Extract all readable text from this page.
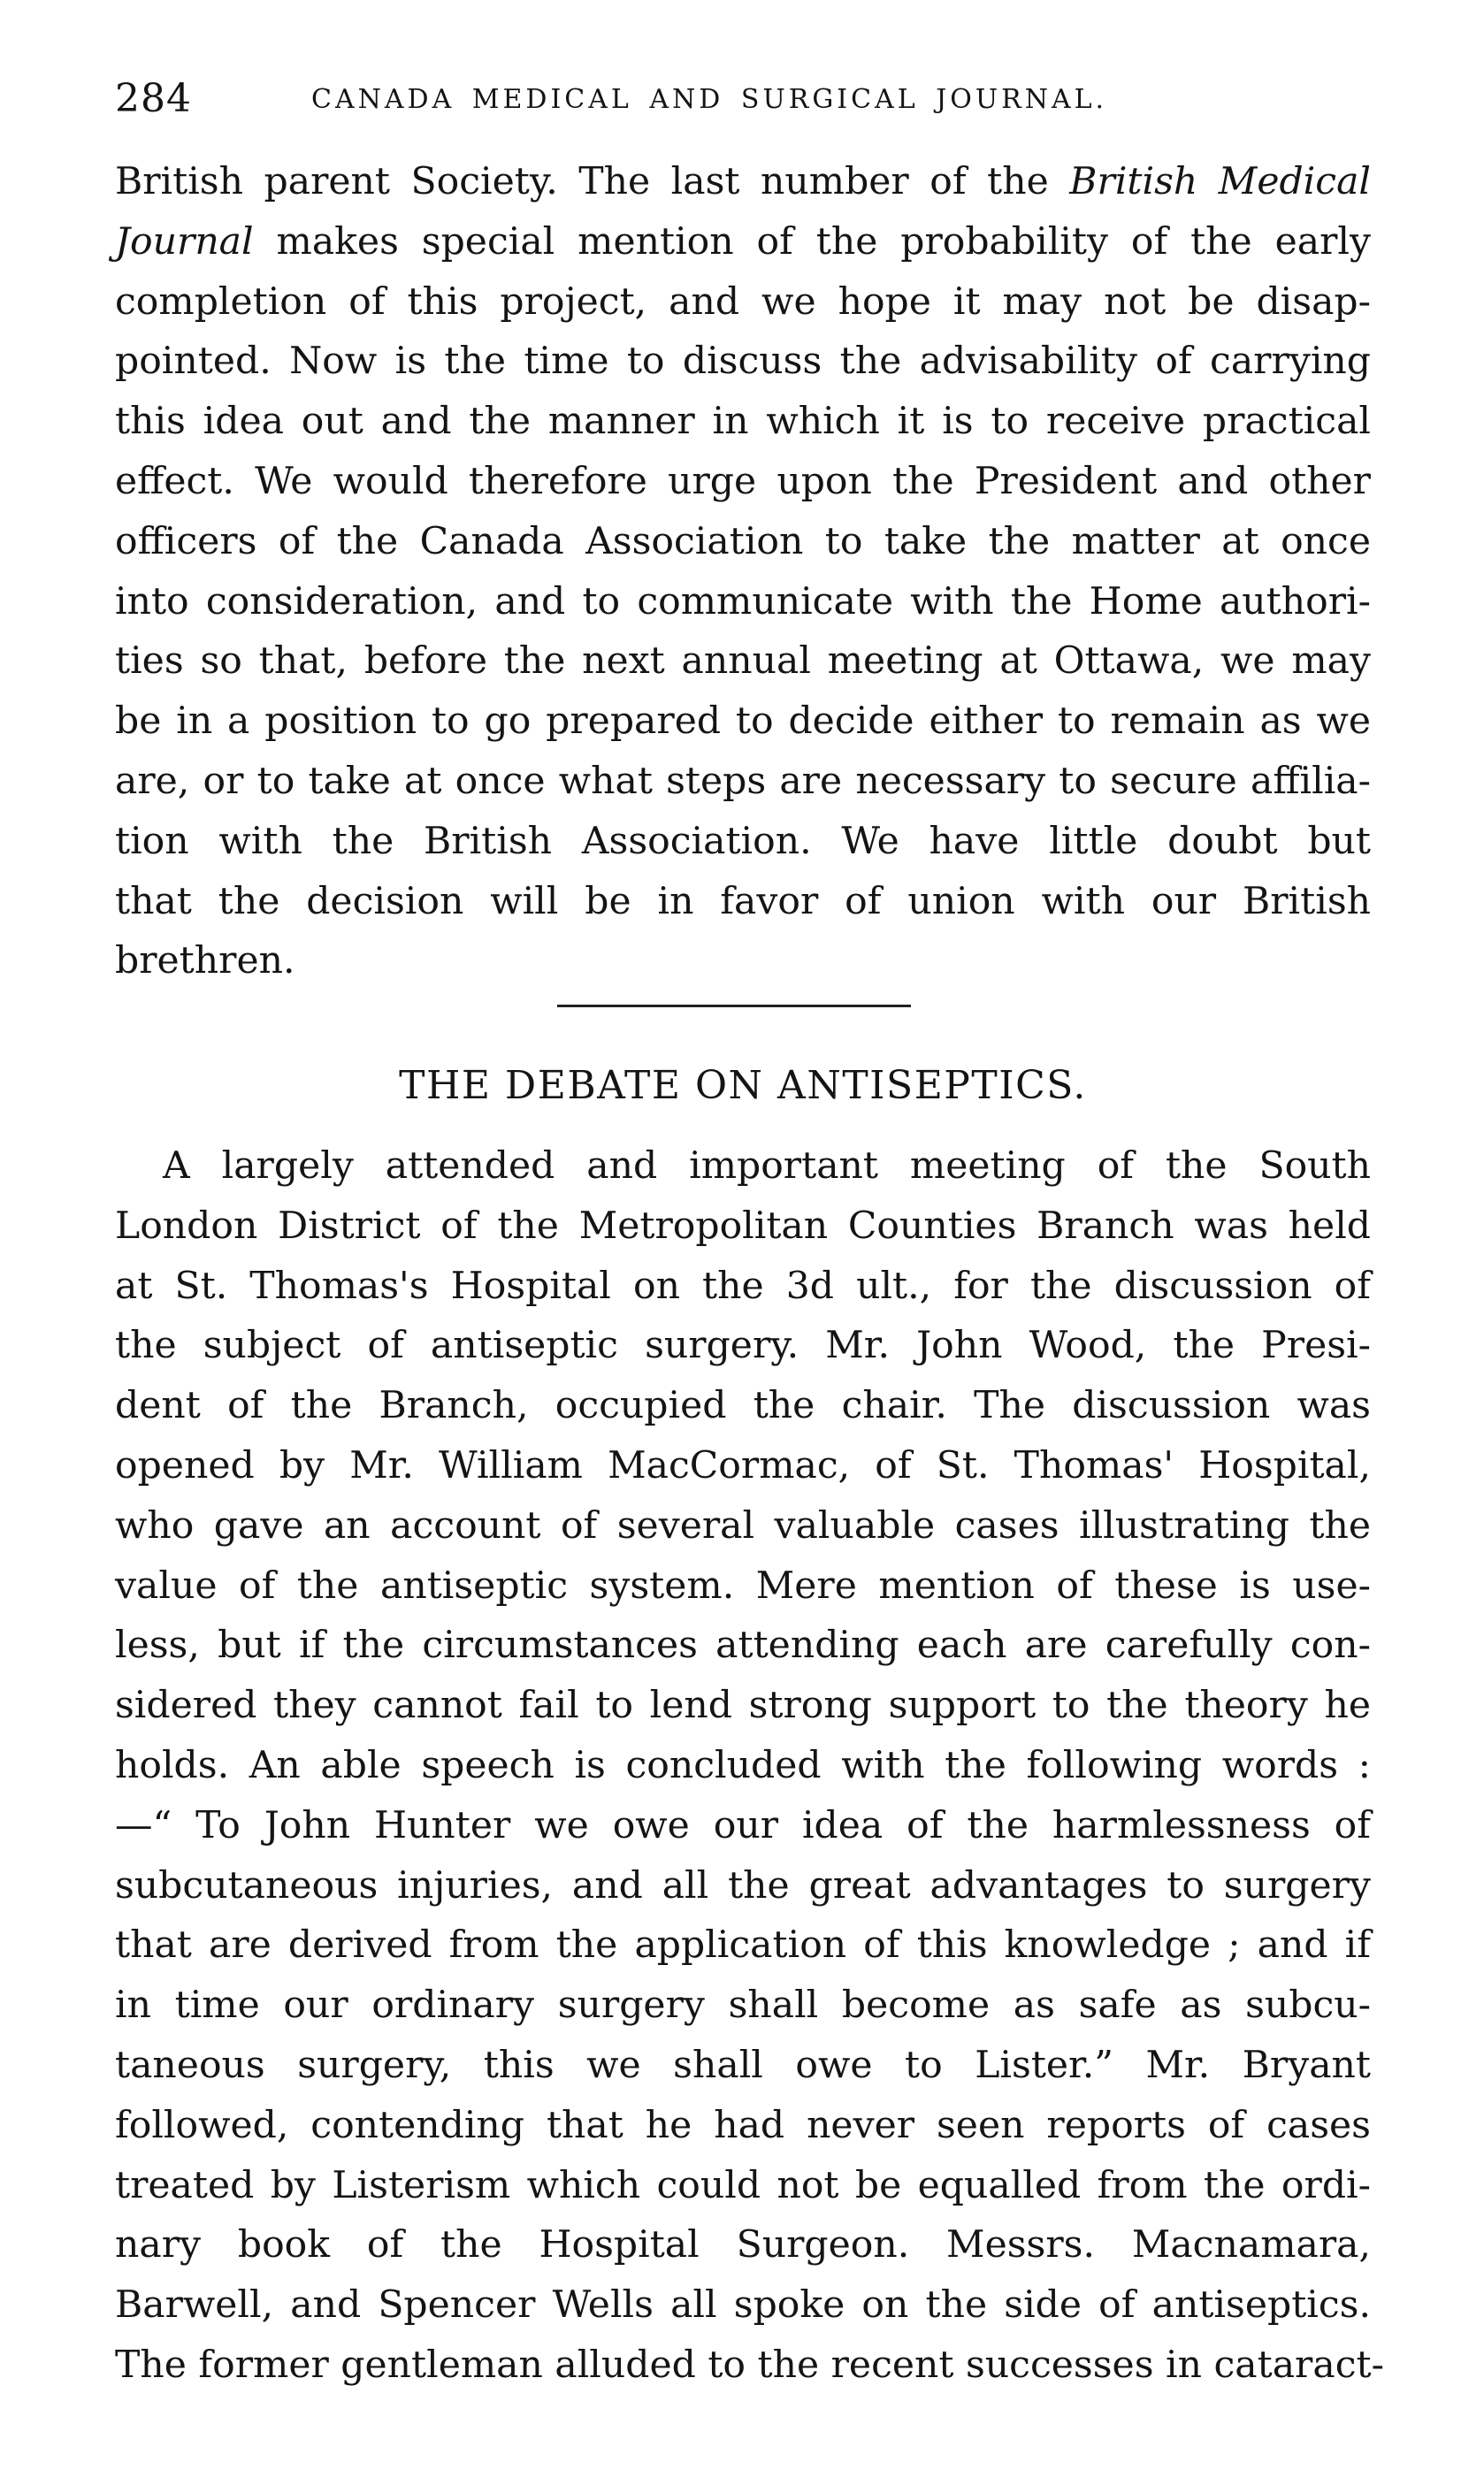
284	CANADA MEDICAL AND SURGICAL JOURNAL.
British parent Society. The last number of the British Medical
Journal makes special mention of the probability of the early
completion of this project, and we hope it may not be disap-
pointed. Now is the time to discuss the advisability of carrying
this idea out and the manner in which it is to receive practical
effect. We would therefore urge upon the President and other
officers of the Canada Association to take the matter at once
into consideration, and to communicate with the Home authori-
ties so that, before the next annual meeting at Ottawa, we may
be in a position to go prepared to decide either to remain as we
are, or to take at once what steps are necessary to secure affilia-
tion with the British Association. We have little doubt but
that the decision will be in favor of union with our British
brethren.
THE DEBATE ON ANTISEPTICS.
A largely attended and important meeting of the South
London District of the Metropolitan Counties Branch was held
at St. Thomas's Hospital on the 3d ult., for the discussion of
the subject of antiseptic surgery. Mr. John Wood, the Presi-
dent of the Branch, occupied the chair. The discussion was
opened by Mr. William MacCormac, of St. Thomas' Hospital,
who gave an account of several valuable cases illustrating the
value of the antiseptic system. Mere mention of these is use-
less, but if the circumstances attending each are carefully con-
sidered they cannot fail to lend strong support to the theory he
holds. An able speech is concluded with the following words :
—“ To John Hunter we owe our idea of the harmlessness of
subcutaneous injuries, and all the great advantages to surgery
that are derived from the application of this knowledge ; and if
in time our ordinary surgery shall become as safe as subcu-
taneous surgery, this we shall owe to Lister.” Mr. Bryant
followed, contending that he had never seen reports of cases
treated by Listerism which could not be equalled from the ordi-
nary book of the Hospital Surgeon. Messrs. Macnamara,
Barwell, and Spencer Wells all spoke on the side of antiseptics.
The former gentleman alluded to the recent successes in cataract-
